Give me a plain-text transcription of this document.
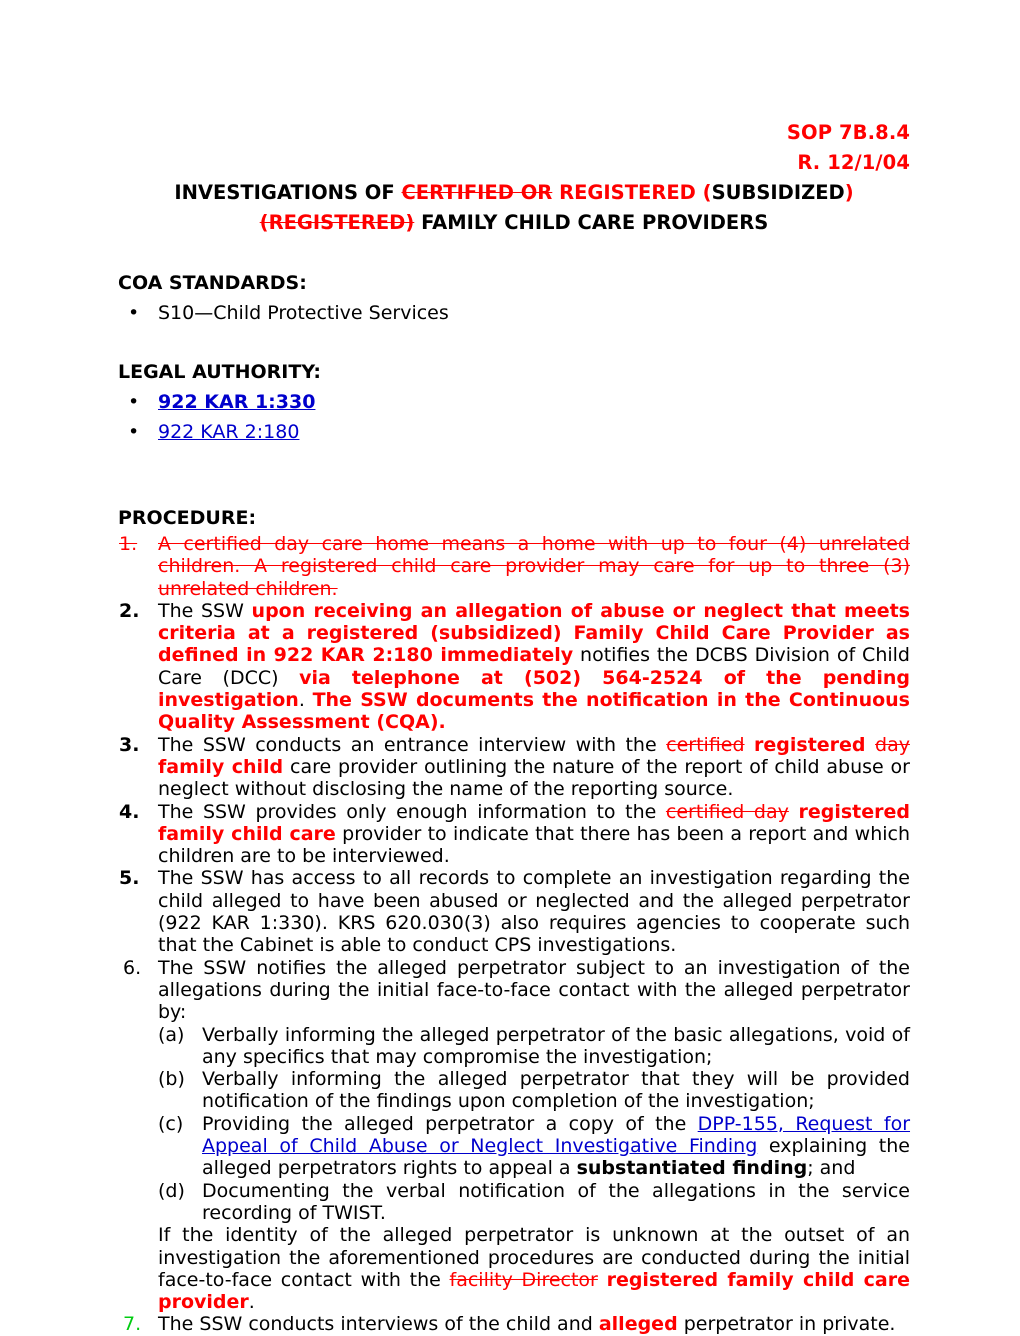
SOP 7B.8.4
R. 12/1/04
INVESTIGATIONS OF CERTIFIED OR REGISTERED (SUBSIDIZED)
(REGISTERED) FAMILY CHILD CARE PROVIDERS
COA STANDARDS:
• S10—Child Protective Services
LEGAL AUTHORITY:
• 922 KAR 1:330
• 922 KAR 2:180
PROCEDURE:
1.	A certified day care home means a home with up to four (4) unrelated children. A registered child care provider may care for up to three (3) unrelated children.
2. The SSW upon receiving an allegation of abuse or neglect that meets criteria at a registered (subsidized) Family Child Care Provider as defined in 922 KAR 2:180 immediately notifies the DCBS Division of Child Care (DCC) via telephone at (502) 564-2524 of the pending investigation. The SSW documents the notification in the Continuous Quality Assessment (CQA).
3. The SSW conducts an entrance interview with the certified registered day family child care provider outlining the nature of the report of child abuse or neglect without disclosing the name of the reporting source.
4. The SSW provides only enough information to the certified day registered family child care provider to indicate that there has been a report and which children are to be interviewed.
5. The SSW has access to all records to complete an investigation regarding the child alleged to have been abused or neglected and the alleged perpetrator (922 KAR 1:330). KRS 620.030(3) also requires agencies to cooperate such that the Cabinet is able to conduct CPS investigations.
6. The SSW notifies the alleged perpetrator subject to an investigation of the allegations during the initial face-to-face contact with the alleged perpetrator by:
(a) Verbally informing the alleged perpetrator of the basic allegations, void of any specifics that may compromise the investigation;
(b) Verbally informing the alleged perpetrator that they will be provided notification of the findings upon completion of the investigation;
(c) Providing the alleged perpetrator a copy of the DPP-155, Request for Appeal of Child Abuse or Neglect Investigative Finding explaining the alleged perpetrators rights to appeal a substantiated finding; and
(d) Documenting the verbal notification of the allegations in the service recording of TWIST.
If the identity of the alleged perpetrator is unknown at the outset of an investigation the aforementioned procedures are conducted during the initial face-to-face contact with the facility Director registered family child care provider.
7. The SSW conducts interviews of the child and alleged perpetrator in private.
